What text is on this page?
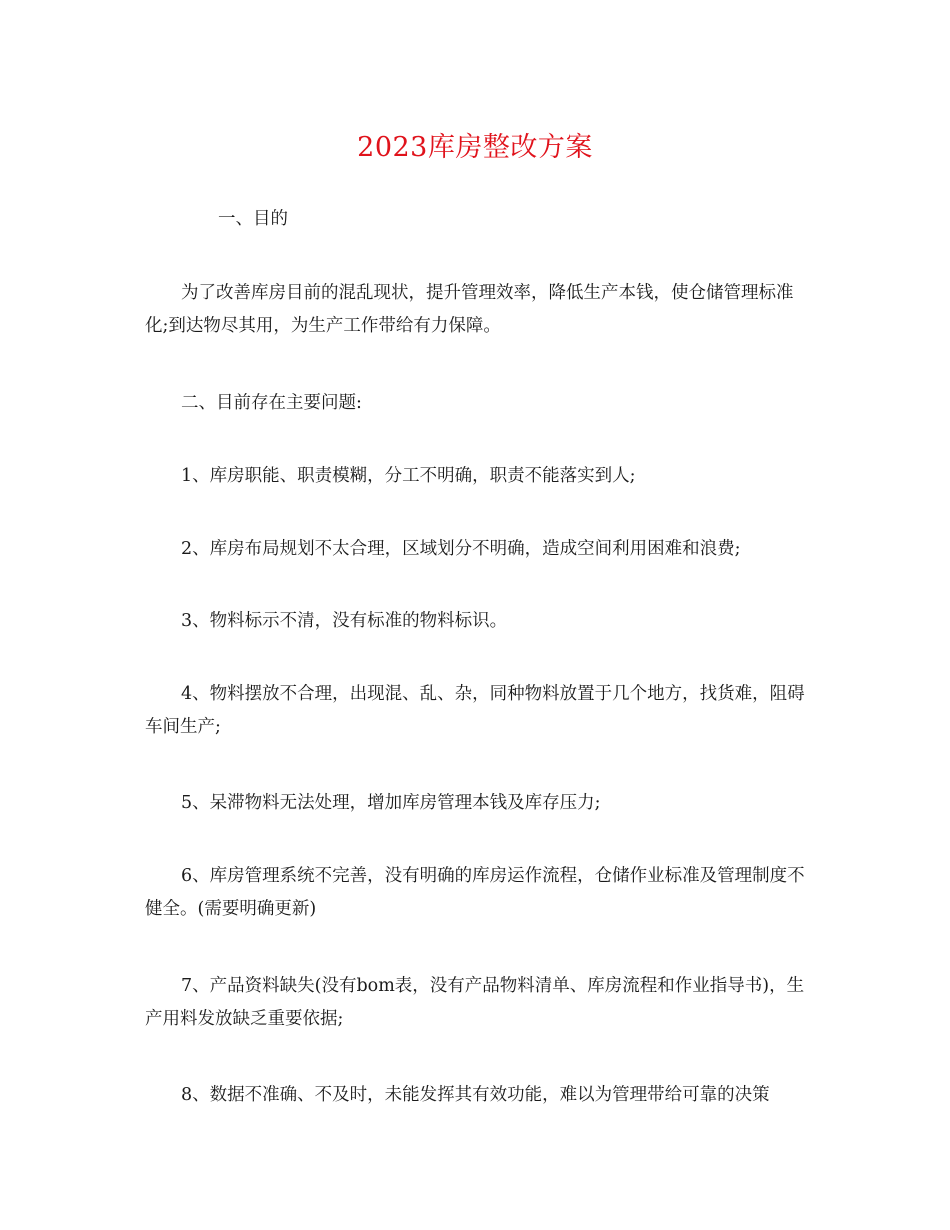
2023库房整改方案

一、目的

为了改善库房目前的混乱现状，提升管理效率，降低生产本钱，使仓储管理标准化;到达物尽其用，为生产工作带给有力保障。

二、目前存在主要问题:

1、库房职能、职责模糊，分工不明确，职责不能落实到人;

2、库房布局规划不太合理，区域划分不明确，造成空间利用困难和浪费;

3、物料标示不清，没有标准的物料标识。

4、物料摆放不合理，出现混、乱、杂，同种物料放置于几个地方，找货难，阻碍车间生产;

5、呆滞物料无法处理，增加库房管理本钱及库存压力;

6、库房管理系统不完善，没有明确的库房运作流程，仓储作业标准及管理制度不健全。(需要明确更新)

7、产品资料缺失(没有bom表，没有产品物料清单、库房流程和作业指导书)，生产用料发放缺乏重要依据;

8、数据不准确、不及时，未能发挥其有效功能，难以为管理带给可靠的决策
